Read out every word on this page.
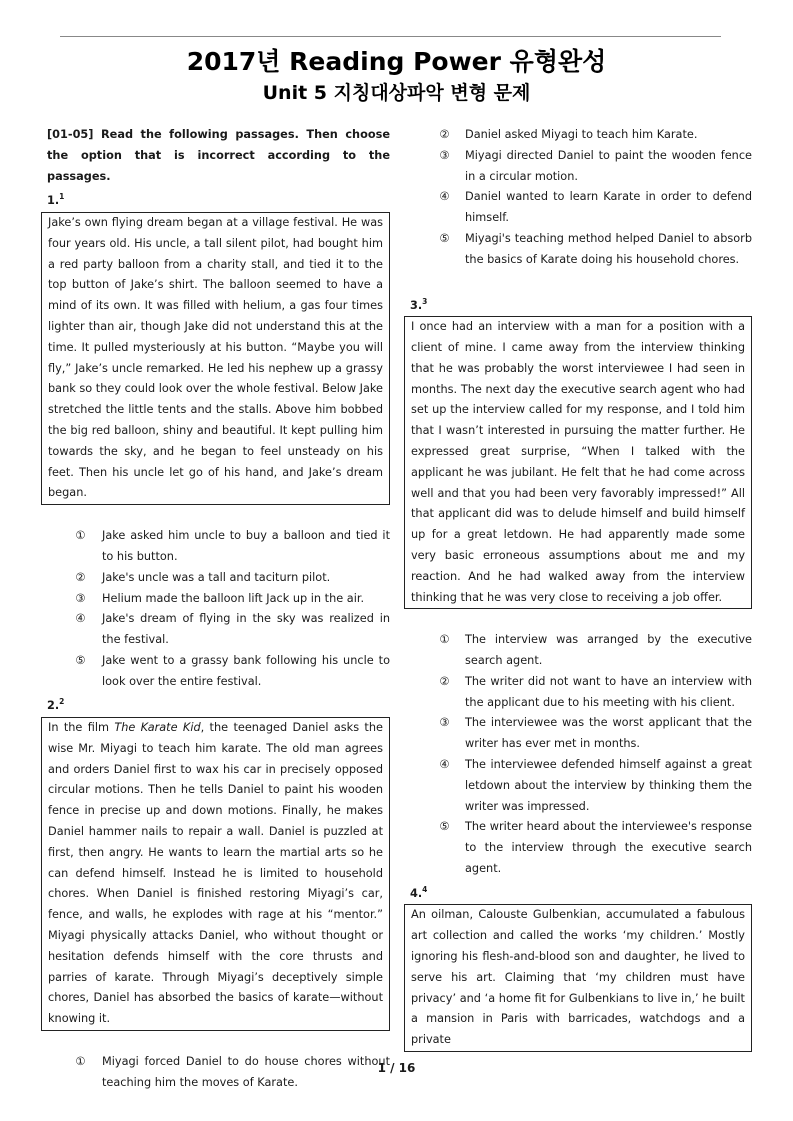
2017년 Reading Power 유형완성
Unit 5 지칭대상파악 변형 문제
[01-05] Read the following passages. Then choose the option that is incorrect according to the passages.
1.$^1$
Jake’s own flying dream began at a village festival. He was four years old. His uncle, a tall silent pilot, had bought him a red party balloon from a charity stall, and tied it to the top button of Jake’s shirt. The balloon seemed to have a mind of its own. It was filled with helium, a gas four times lighter than air, though Jake did not understand this at the time. It pulled mysteriously at his button. “Maybe you will fly,” Jake’s uncle remarked. He led his nephew up a grassy bank so they could look over the whole festival. Below Jake stretched the little tents and the stalls. Above him bobbed the big red balloon, shiny and beautiful. It kept pulling him towards the sky, and he began to feel unsteady on his feet. Then his uncle let go of his hand, and Jake’s dream began.
①	Jake asked him uncle to buy a balloon and tied it to his button.
②	Jake's uncle was a tall and taciturn pilot.
③	Helium made the balloon lift Jack up in the air.
④	Jake's dream of flying in the sky was realized in the festival.
⑤	Jake went to a grassy bank following his uncle to look over the entire festival.
2.$^2$
In the film The Karate Kid, the teenaged Daniel asks the wise Mr. Miyagi to teach him karate. The old man agrees and orders Daniel first to wax his car in precisely opposed circular motions. Then he tells Daniel to paint his wooden fence in precise up and down motions. Finally, he makes Daniel hammer nails to repair a wall. Daniel is puzzled at first, then angry. He wants to learn the martial arts so he can defend himself. Instead he is limited to household chores. When Daniel is finished restoring Miyagi’s car, fence, and walls, he explodes with rage at his “mentor.” Miyagi physically attacks Daniel, who without thought or hesitation defends himself with the core thrusts and parries of karate. Through Miyagi’s deceptively simple chores, Daniel has absorbed the basics of karate—without knowing it.
①	Miyagi forced Daniel to do house chores without teaching him the moves of Karate.
②	Daniel asked Miyagi to teach him Karate.
③	Miyagi directed Daniel to paint the wooden fence in a circular motion.
④	Daniel wanted to learn Karate in order to defend himself.
⑤	Miyagi's teaching method helped Daniel to absorb the basics of Karate doing his household chores.
3.$^3$
I once had an interview with a man for a position with a client of mine. I came away from the interview thinking that he was probably the worst interviewee I had seen in months. The next day the executive search agent who had set up the interview called for my response, and I told him that I wasn’t interested in pursuing the matter further. He expressed great surprise, “When I talked with the applicant he was jubilant. He felt that he had come across well and that you had been very favorably impressed!” All that applicant did was to delude himself and build himself up for a great letdown. He had apparently made some very basic erroneous assumptions about me and my reaction. And he had walked away from the interview thinking that he was very close to receiving a job offer.
①	The interview was arranged by the executive search agent.
②	The writer did not want to have an interview with the applicant due to his meeting with his client.
③	The interviewee was the worst applicant that the writer has ever met in months.
④	The interviewee defended himself against a great letdown about the interview by thinking them the writer was impressed.
⑤	The writer heard about the interviewee's response to the interview through the executive search agent.
4.$^4$
An oilman, Calouste Gulbenkian, accumulated a fabulous art collection and called the works ‘my children.’ Mostly ignoring his flesh-and-blood son and daughter, he lived to serve his art. Claiming that ‘my children must have privacy’ and ‘a home fit for Gulbenkians to live in,’ he built a mansion in Paris with barricades, watchdogs and a private
1 / 16
